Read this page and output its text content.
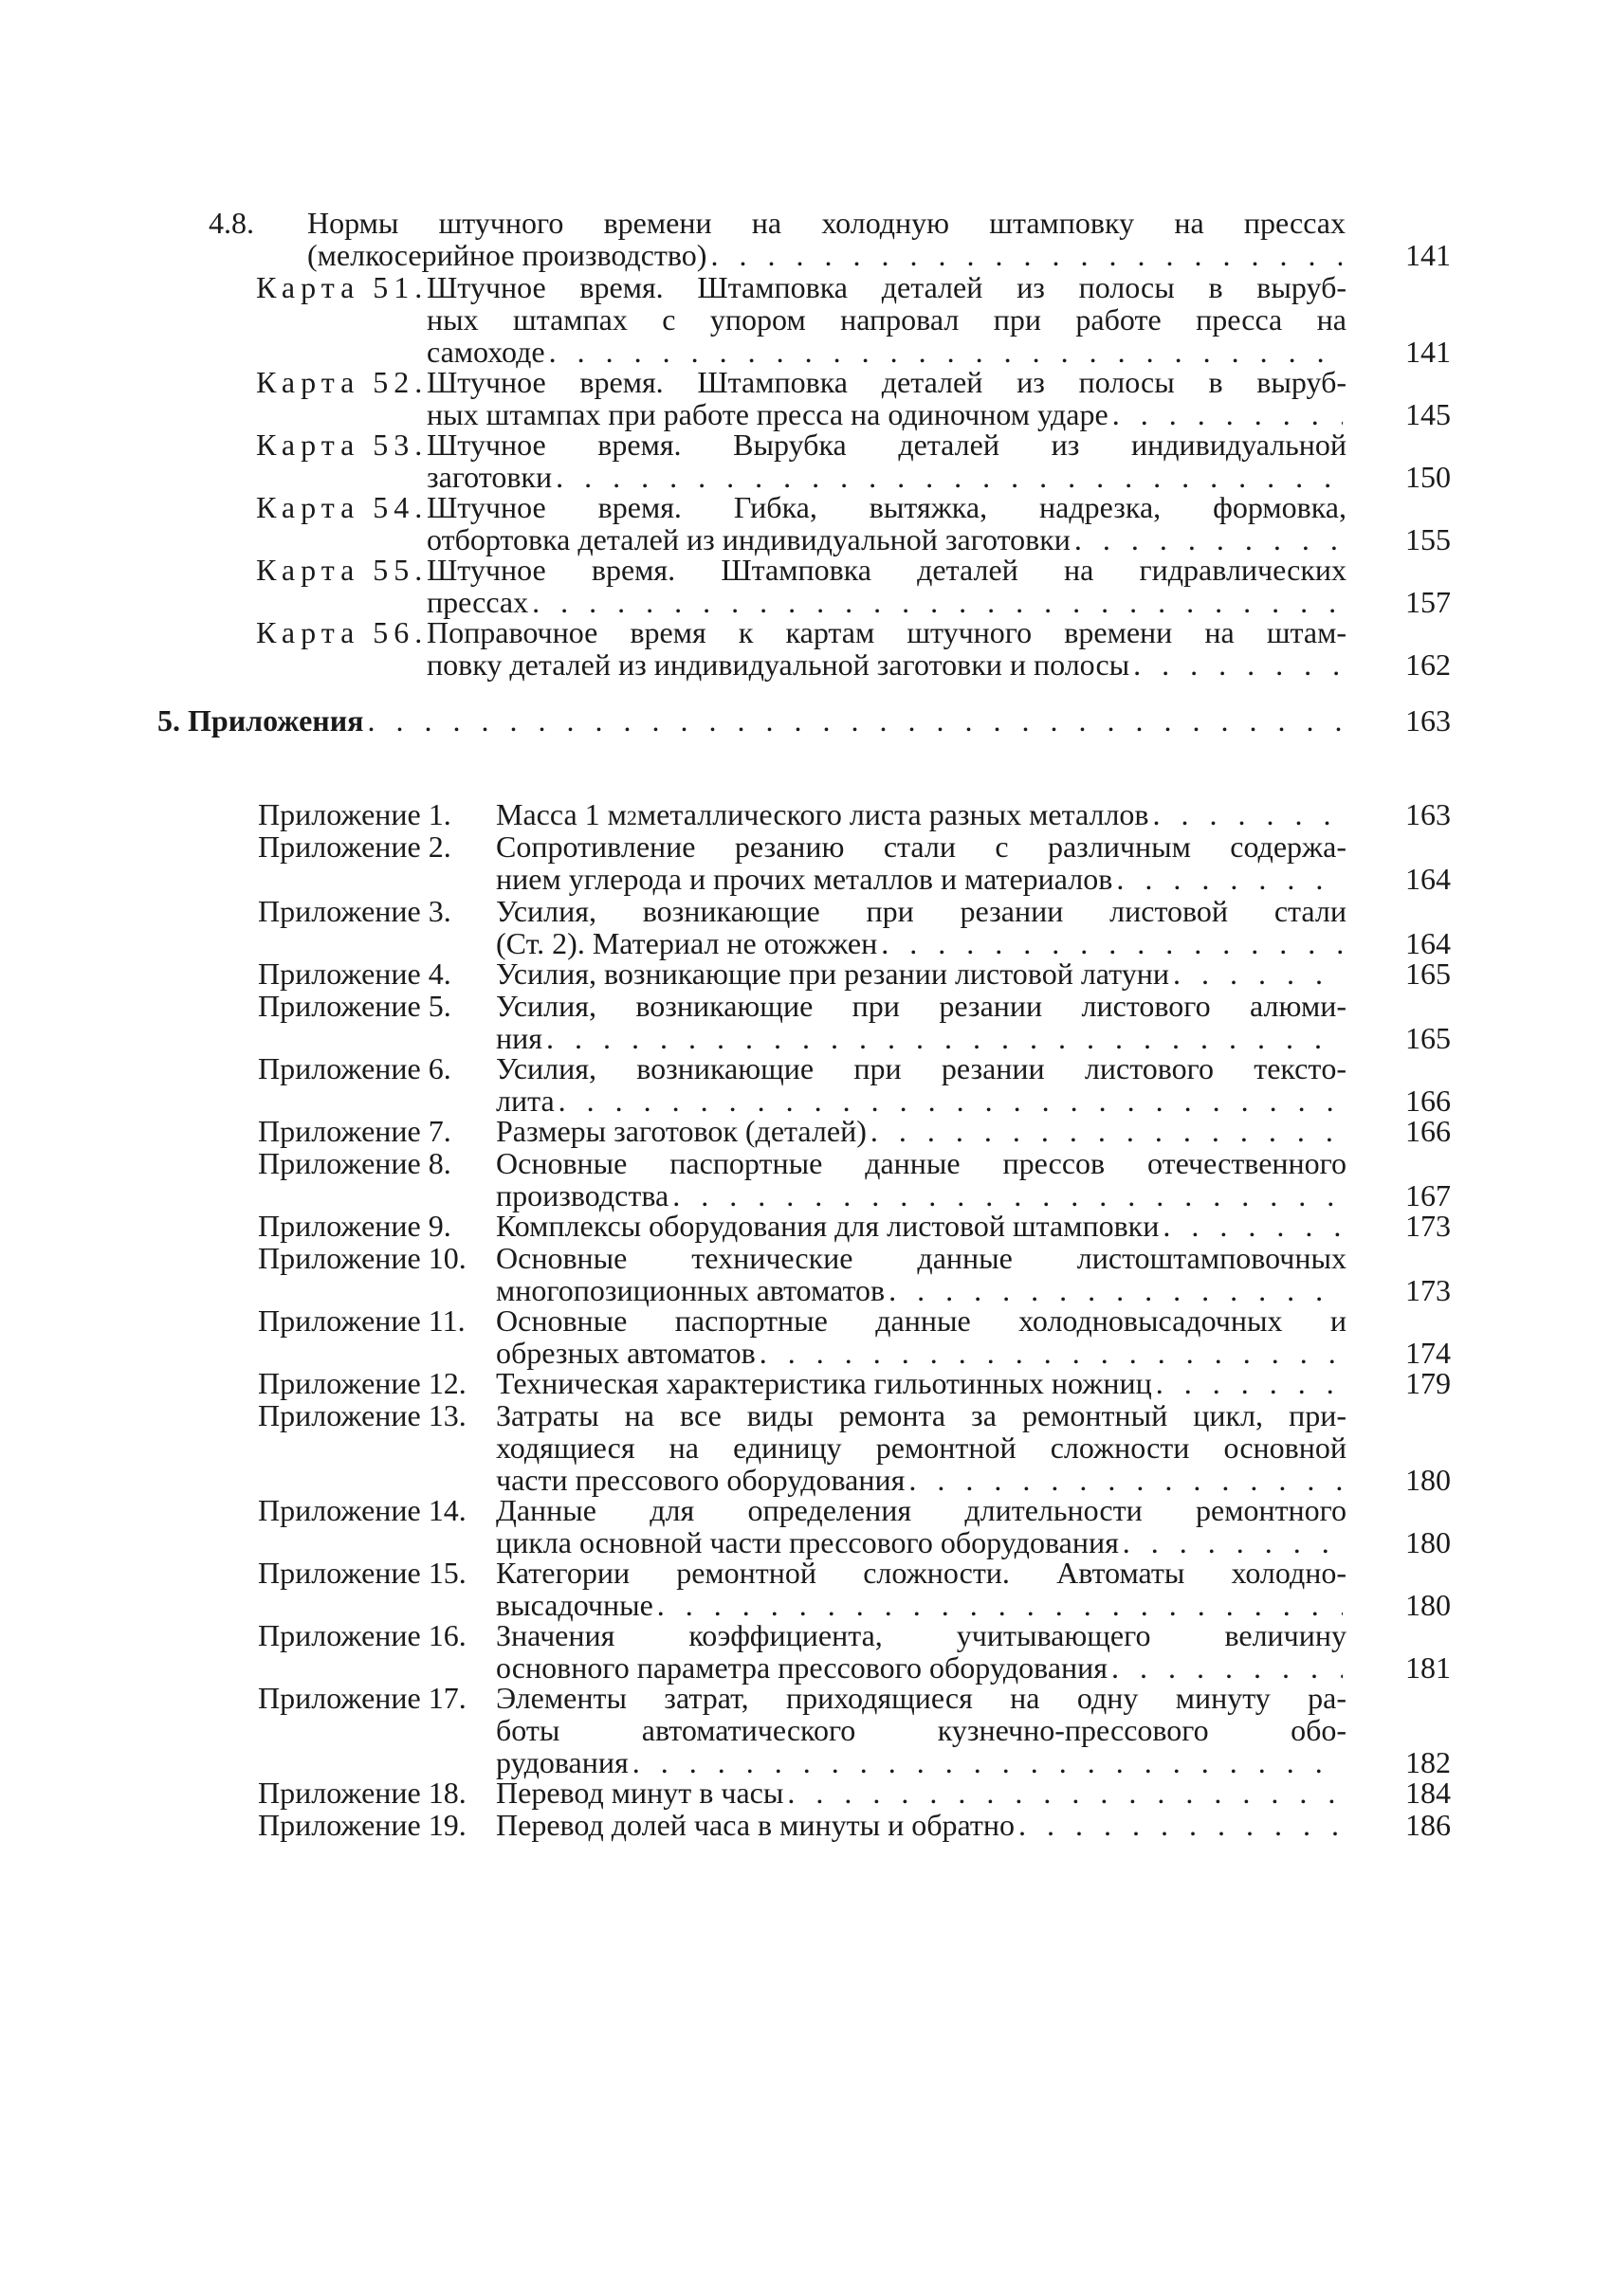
4.8. Нормы штучного времени на холодную штамповку на прессах
(мелкосерийное производство) . . .	141
Карта 51.
Штучное время. Штамповка деталей из полосы в выруб-
ных штампах с упором напровал при работе пресса на
самоходе . . .	141
Карта 52.
Штучное время. Штамповка деталей из полосы в выруб-
ных штампах при работе пресса на одиночном ударе . . .	145
Карта 53.
Штучное время. Вырубка деталей из индивидуальной
заготовки . . .	150
Карта 54.
Штучное время. Гибка, вытяжка, надрезка, формовка,
отбортовка деталей из индивидуальной заготовки . . .	155
Карта 55.
Штучное время. Штамповка деталей на гидравлических
прессах . . .	157
Карта 56.
Поправочное время к картам штучного времени на штам-
повку деталей из индивидуальной заготовки и полосы . . .	162
5. Приложения . . .	163
Приложение 1. Масса 1 м 2 металлического листа разных металлов . . .	163
Приложение 2. Сопротивление резанию стали с различным содержа-
нием углерода и прочих металлов и материалов . . .	164
Приложение 3. Усилия, возникающие при резании листовой стали
(Ст. 2). Материал не отожжен . . .	164
Приложение 4. Усилия, возникающие при резании листовой латуни . . .	165
Приложение 5. Усилия, возникающие при резании листового алюми-
ния . . .	165
Приложение 6. Усилия, возникающие при резании листового текстo-
лита . . .	166
Приложение 7. Размеры заготовок (деталей) . . .	166
Приложение 8. Основные паспортные данные прессов отечественного
производства . . .	167
Приложение 9. Комплексы оборудования для листовой штамповки . . .	173
Приложение 10. Основные технические данные листоштамповочных
многопозиционных автоматов . . .	173
Приложение 11. Основные паспортные данные холодновысадочных и
обрезных автоматов . . .	174
Приложение 12. Техническая характеристика гильотинных ножниц . . .	179
Приложение 13. Затраты на все виды ремонта за ремонтный цикл, при-
ходящиеся на единицу ремонтной сложности основной
части прессового оборудования . . .	180
Приложение 14. Данные для определения длительности ремонтного
цикла основной части прессового оборудования . . .	180
Приложение 15. Категории ремонтной сложности. Автоматы холодно-
высадочные . . .	180
Приложение 16. Значения коэффициента, учитывающего величину
основного параметра прессового оборудования . . .	181
Приложение 17. Элементы затрат, приходящиеся на одну минуту ра-
боты автоматического кузнечно-прессового обо-
рудования . . .	182
Приложение 18. Перевод минут в часы . . .	184
Приложение 19. Перевод долей часа в минуты и обратно . . .	186
